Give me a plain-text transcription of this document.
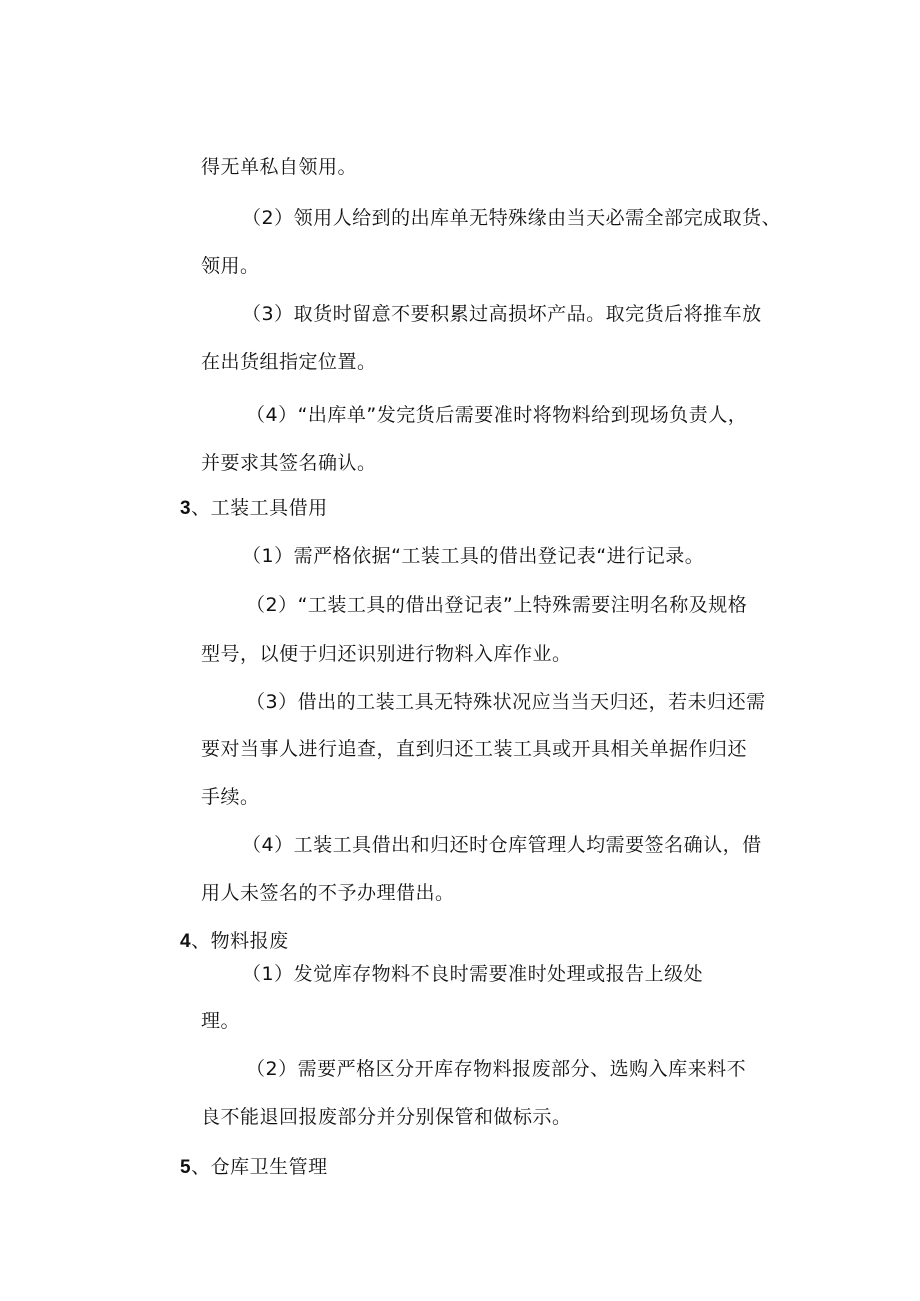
得无单私自领用。
（2）领用人给到的出库单无特殊缘由当天必需全部完成取货、
领用。
（3）取货时留意不要积累过高损坏产品。取完货后将推车放
在出货组指定位置。
（4）“出库单”发完货后需要准时将物料给到现场负责人，
并要求其签名确认。
3、工装工具借用
（1）需严格依据“工装工具的借出登记表“进行记录。
（2）“工装工具的借出登记表”上特殊需要注明名称及规格
型号，以便于归还识别进行物料入库作业。
（3）借出的工装工具无特殊状况应当当天归还，若未归还需
要对当事人进行追查，直到归还工装工具或开具相关单据作归还
手续。
（4）工装工具借出和归还时仓库管理人均需要签名确认，借
用人未签名的不予办理借出。
4、物料报废
（1）发觉库存物料不良时需要准时处理或报告上级处
理。
（2）需要严格区分开库存物料报废部分、选购入库来料不
良不能退回报废部分并分别保管和做标示。
5、仓库卫生管理
